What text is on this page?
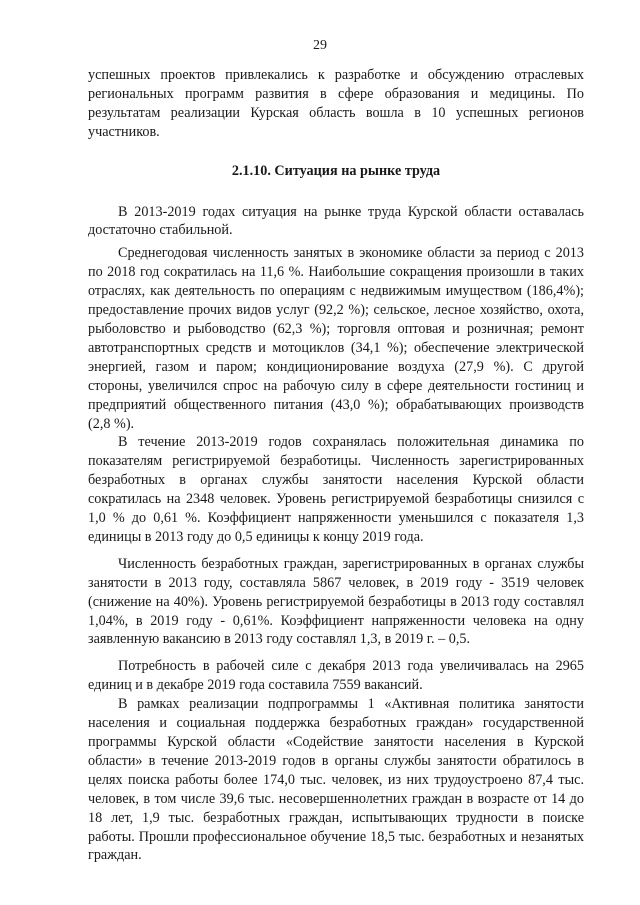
29

успешных проектов привлекались к разработке и обсуждению отраслевых региональных программ развития в сфере образования и медицины. По результатам реализации Курская область вошла в 10 успешных регионов участников.

2.1.10. Ситуация на рынке труда

В 2013-2019 годах ситуация на рынке труда Курской области оставалась достаточно стабильной.

Среднегодовая численность занятых в экономике области за период с 2013 по 2018 год сократилась на 11,6 %. Наибольшие сокращения произошли в таких отраслях, как деятельность по операциям с недвижимым имуществом (186,4%); предоставление прочих видов услуг (92,2 %); сельское, лесное хозяйство, охота, рыболовство и рыбоводство (62,3 %); торговля оптовая и розничная; ремонт автотранспортных средств и мотоциклов (34,1 %); обеспечение электрической энергией, газом и паром; кондиционирование воздуха (27,9 %). С другой стороны, увеличился спрос на рабочую силу в сфере деятельности гостиниц и предприятий общественного питания (43,0 %); обрабатывающих производств (2,8 %).

В течение 2013-2019 годов сохранялась положительная динамика по показателям регистрируемой безработицы. Численность зарегистрированных безработных в органах службы занятости населения Курской области сократилась на 2348 человек. Уровень регистрируемой безработицы снизился с 1,0 % до 0,61 %. Коэффициент напряженности уменьшился с показателя 1,3 единицы в 2013 году до 0,5 единицы к концу 2019 года.

Численность безработных граждан, зарегистрированных в органах службы занятости в 2013 году, составляла 5867 человек, в 2019 году - 3519 человек (снижение на 40%). Уровень регистрируемой безработицы в 2013 году составлял 1,04%, в 2019 году - 0,61%. Коэффициент напряженности человека на одну заявленную вакансию в 2013 году составлял 1,3, в 2019 г. – 0,5.

Потребность в рабочей силе с декабря 2013 года увеличивалась на 2965 единиц и в декабре 2019 года составила 7559 вакансий.

В рамках реализации подпрограммы 1 «Активная политика занятости населения и социальная поддержка безработных граждан» государственной программы Курской области «Содействие занятости населения в Курской области» в течение 2013-2019 годов в органы службы занятости обратилось в целях поиска работы более 174,0 тыс. человек, из них трудоустроено 87,4 тыс. человек, в том числе 39,6 тыс. несовершеннолетних граждан в возрасте от 14 до 18 лет, 1,9 тыс. безработных граждан, испытывающих трудности в поиске работы. Прошли профессиональное обучение 18,5 тыс. безработных и незанятых граждан.
